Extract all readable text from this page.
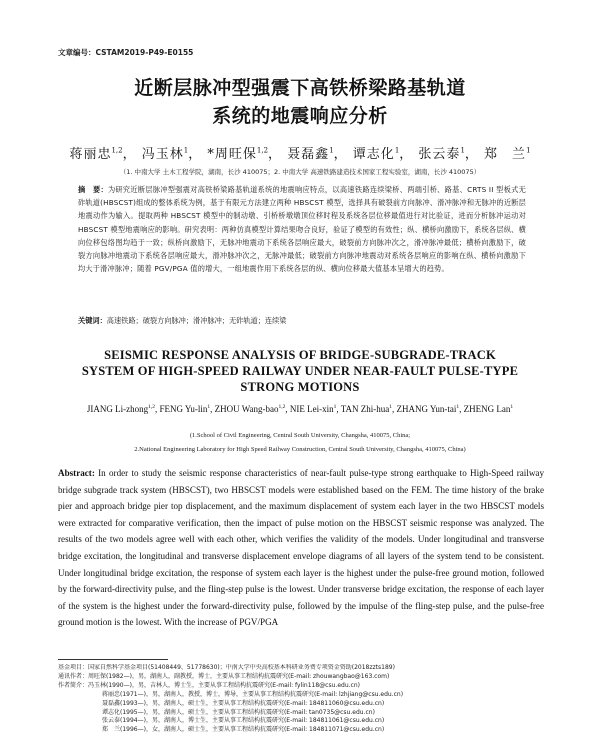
文章编号：CSTAM2019-P49-E0155
近断层脉冲型强震下高铁桥梁路基轨道
系统的地震响应分析
蒋丽忠$^{1,2}$， 冯玉林$^1$， *周旺保$^{1,2}$， 聂磊鑫$^1$， 谭志化$^1$， 张云泰$^1$， 郑　兰$^1$
（1. 中南大学 土木工程学院，湖南，长沙 410075；2. 中南大学 高速铁路建造技术国家工程实验室，湖南，长沙 410075）
摘　要：为研究近断层脉冲型强震对高铁桥梁路基轨道系统的地震响应特点，以高速铁路连续梁桥、两端引桥、路基、CRTS II 型板式无砟轨道(HBSCST)组成的整体系统为例，基于有限元方法建立两种 HBSCST 模型，选择具有破裂前方向脉冲、滑冲脉冲和无脉冲的近断层地震动作为输入。提取两种 HBSCST 模型中的制动墩、引桥桥墩墩顶位移时程及系统各层位移最值进行对比验证，进而分析脉冲运动对 HBSCST 模型地震响应的影响。研究表明：两种仿真模型计算结果吻合良好，验证了模型的有效性；纵、横桥向激励下，系统各层纵、横向位移包络图均趋于一致；纵桥向激励下，无脉冲地震动下系统各层响应最大，破裂前方向脉冲次之，滑冲脉冲最低；横桥向激励下，破裂方向脉冲地震动下系统各层响应最大，滑冲脉冲次之，无脉冲最低；破裂前方向脉冲地震动对系统各层响应的影响在纵、横桥向激励下均大于滑冲脉冲；随着 PGV/PGA 值的增大，一组地震作用下系统各层的纵、横向位移最大值基本呈增大的趋势。
关键词：高速铁路；破裂方向脉冲；滑冲脉冲；无砟轨道；连续梁
SEISMIC RESPONSE ANALYSIS OF BRIDGE-SUBGRADE-TRACK
SYSTEM OF HIGH-SPEED RAILWAY UNDER NEAR-FAULT PULSE-TYPE
STRONG MOTIONS
JIANG Li-zhong$^{1,2}$, FENG Yu-lin$^1$, ZHOU Wang-bao$^{1,2}$, NIE Lei-xin$^1$, TAN Zhi-hua$^1$, ZHANG Yun-tai$^1$, ZHENG Lan$^1$
(1.School of Civil Engineering, Central South University, Changsha, 410075, China;
2.National Engineering Laboratory for High Speed Railway Construction, Central South University, Changsha, 410075, China)
Abstract: In order to study the seismic response characteristics of near-fault pulse-type strong earthquake to High-Speed railway bridge subgrade track system (HBSCST), two HBSCST models were established based on the FEM. The time history of the brake pier and approach bridge pier top displacement, and the maximum displacement of system each layer in the two HBSCST models were extracted for comparative verification, then the impact of pulse motion on the HBSCST seismic response was analyzed. The results of the two models agree well with each other, which verifies the validity of the models. Under longitudinal and transverse bridge excitation, the longitudinal and transverse displacement envelope diagrams of all layers of the system tend to be consistent. Under longitudinal bridge excitation, the response of system each layer is the highest under the pulse-free ground motion, followed by the forward-directivity pulse, and the fling-step pulse is the lowest. Under transverse bridge excitation, the response of each layer of the system is the highest under the forward-directivity pulse, followed by the impulse of the fling-step pulse, and the pulse-free ground motion is the lowest. With the increase of PGV/PGA
基金项目：国家自然科学基金项目(51408449、51778630)；中南大学中央高校基本科研业务费专项资金资助(2018zzts189)
通讯作者：周旺保(1982—)，男，湖南人，副教授，博士，主要从事工程结构抗震研究(E-mail: zhouwangbao@163.com)
作者简介：冯玉林(1990—)，男，吉林人，博士生，主要从事工程结构抗震研究(E-mail: fylin118@csu.edu.cn)
蒋丽忠(1971—)，男，湖南人，教授，博士，博导，主要从事工程结构抗震研究(E-mail: lzhjiang@csu.edu.cn)
聂磊鑫(1993—)，男，湖南人，硕士生，主要从事工程结构抗震研究(E-mail: 184811060@csu.edu.cn)
谭志化(1995—)，男，湖南人，硕士生，主要从事工程结构抗震研究(E-mail: tan0735@csu.edu.cn)
张云泰(1994—)，男，湖南人，博士生，主要从事工程结构抗震研究(E-mail: 184811061@csu.edu.cn)
郑　兰(1996—)，女，湖南人，硕士生，主要从事工程结构抗震研究(E-mail: 184811071@csu.edu.cn)
